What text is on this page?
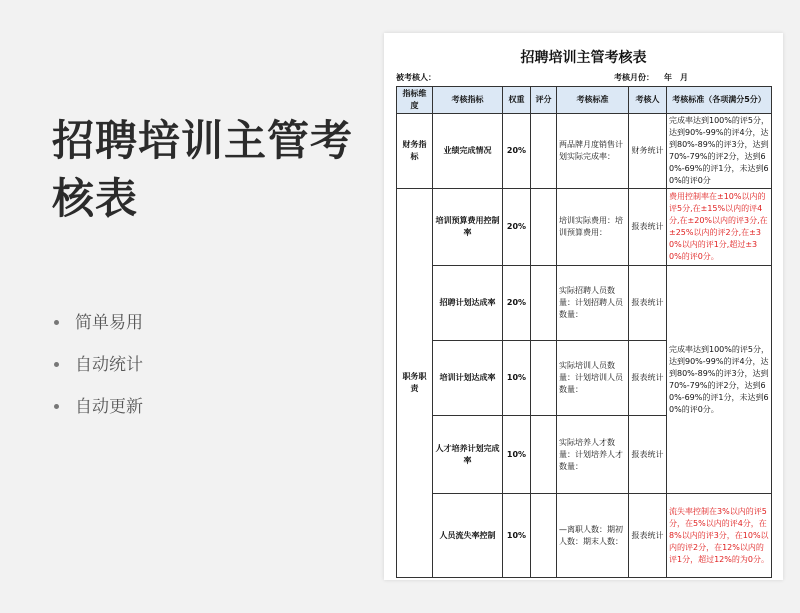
招聘培训主管考核表
简单易用
自动统计
自动更新
招聘培训主管考核表
被考核人：	考核月份： 年 月
指标维度	考核指标	权重	评分	考核标准	考核人	考核标准（各项满分5分）
财务指标	业绩完成情况	20%		两品牌月度销售计划实际完成率：	财务统计	完成率达到100%的评5分，达到90%-99%的评4分，达到80%-89%的评3分，达到70%-79%的评2分，达到60%-69%的评1分，未达到60%的评0分
职务职责	培训预算费用控制率	20%		培训实际费用：培训预算费用：	报表统计	费用控制率在±10%以内的评5分,在±15%以内的评4分,在±20%以内的评3分,在±25%以内的评2分,在±30%以内的评1分,超过±30%的评0分。
	招聘计划达成率	20%		实际招聘人员数量：计划招聘人员数量：	报表统计	完成率达到100%的评5分，达到90%-99%的评4分，达到80%-89%的评3分，达到70%-79%的评2分，达到60%-69%的评1分，未达到60%的评0分。
	培训计划达成率	10%		实际培训人员数量：计划培训人员数量：	报表统计	
	人才培养计划完成率	10%		实际培养人才数量：计划培养人才数量：	报表统计	
	人员流失率控制	10%		—离职人数：期初人数：期末人数：	报表统计	流失率控制在3%以内的评5分，在5%以内的评4分，在8%以内的评3分，在10%以内的评2分，在12%以内的评1分，超过12%的为0分。
